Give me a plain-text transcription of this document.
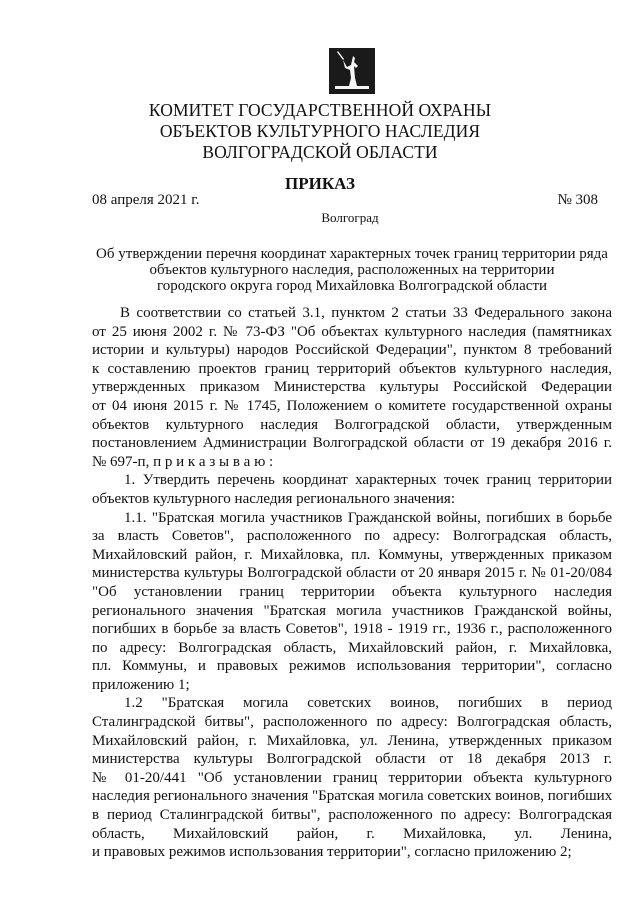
КОМИТЕТ ГОСУДАРСТВЕННОЙ ОХРАНЫ
ОБЪЕКТОВ КУЛЬТУРНОГО НАСЛЕДИЯ
ВОЛГОГРАДСКОЙ ОБЛАСТИ
ПРИКАЗ
08 апреля 2021 г.	№ 308
Волгоград
Об утверждении перечня координат характерных точек границ территории ряда
объектов культурного наследия, расположенных на территории
городского округа город Михайловка Волгоградской области
В соответствии со статьей 3.1, пунктом 2 статьи 33 Федерального закона
от 25 июня 2002 г. № 73-ФЗ "Об объектах культурного наследия (памятниках
истории и культуры) народов Российской Федерации", пунктом 8 требований
к составлению проектов границ территорий объектов культурного наследия,
утвержденных приказом Министерства культуры Российской Федерации
от 04 июня 2015 г. № 1745, Положением о комитете государственной охраны
объектов культурного наследия Волгоградской области, утвержденным
постановлением Администрации Волгоградской области от 19 декабря 2016 г.
№ 697-п, п р и к а з ы в а ю :
1. Утвердить перечень координат характерных точек границ территории
объектов культурного наследия регионального значения:
1.1. "Братская могила участников Гражданской войны, погибших в борьбе
за власть Советов", расположенного по адресу: Волгоградская область,
Михайловский район, г. Михайловка, пл. Коммуны, утвержденных приказом
министерства культуры Волгоградской области от 20 января 2015 г. № 01-20/084
"Об установлении границ территории объекта культурного наследия
регионального значения "Братская могила участников Гражданской войны,
погибших в борьбе за власть Советов", 1918 - 1919 гг., 1936 г., расположенного
по адресу: Волгоградская область, Михайловский район, г. Михайловка,
пл. Коммуны, и правовых режимов использования территории", согласно
приложению 1;
1.2 "Братская могила советских воинов, погибших в период
Сталинградской битвы", расположенного по адресу: Волгоградская область,
Михайловский район, г. Михайловка, ул. Ленина, утвержденных приказом
министерства культуры Волгоградской области от 18 декабря 2013 г.
№ 01-20/441 "Об установлении границ территории объекта культурного
наследия регионального значения "Братская могила советских воинов, погибших
в период Сталинградской битвы", расположенного по адресу: Волгоградская
область, Михайловский район, г. Михайловка, ул. Ленина,
и правовых режимов использования территории", согласно приложению 2;
